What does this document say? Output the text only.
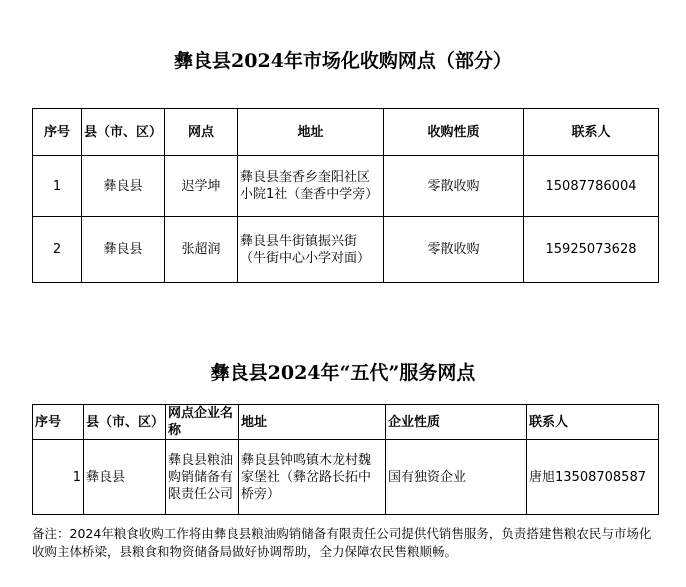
彝良县2024年市场化收购网点（部分）
序号	县（市、区）	网点	地址	收购性质	联系人
1	彝良县	迟学坤	彝良县奎香乡奎阳社区小院1社（奎香中学旁）	零散收购	15087786004
2	彝良县	张超润	彝良县牛街镇振兴街（牛街中心小学对面）	零散收购	15925073628
彝良县2024年“五代”服务网点
序号	县（市、区）	网点企业名称	地址	企业性质	联系人
1	彝良县	彝良县粮油购销储备有限责任公司	彝良县钟鸣镇木龙村魏家堡社（彝岔路长拓中桥旁）	国有独资企业	唐旭13508708587
备注：2024年粮食收购工作将由彝良县粮油购销储备有限责任公司提供代销售服务，负责搭建售粮农民与市场化收购主体桥梁，县粮食和物资储备局做好协调帮助，全力保障农民售粮顺畅。
